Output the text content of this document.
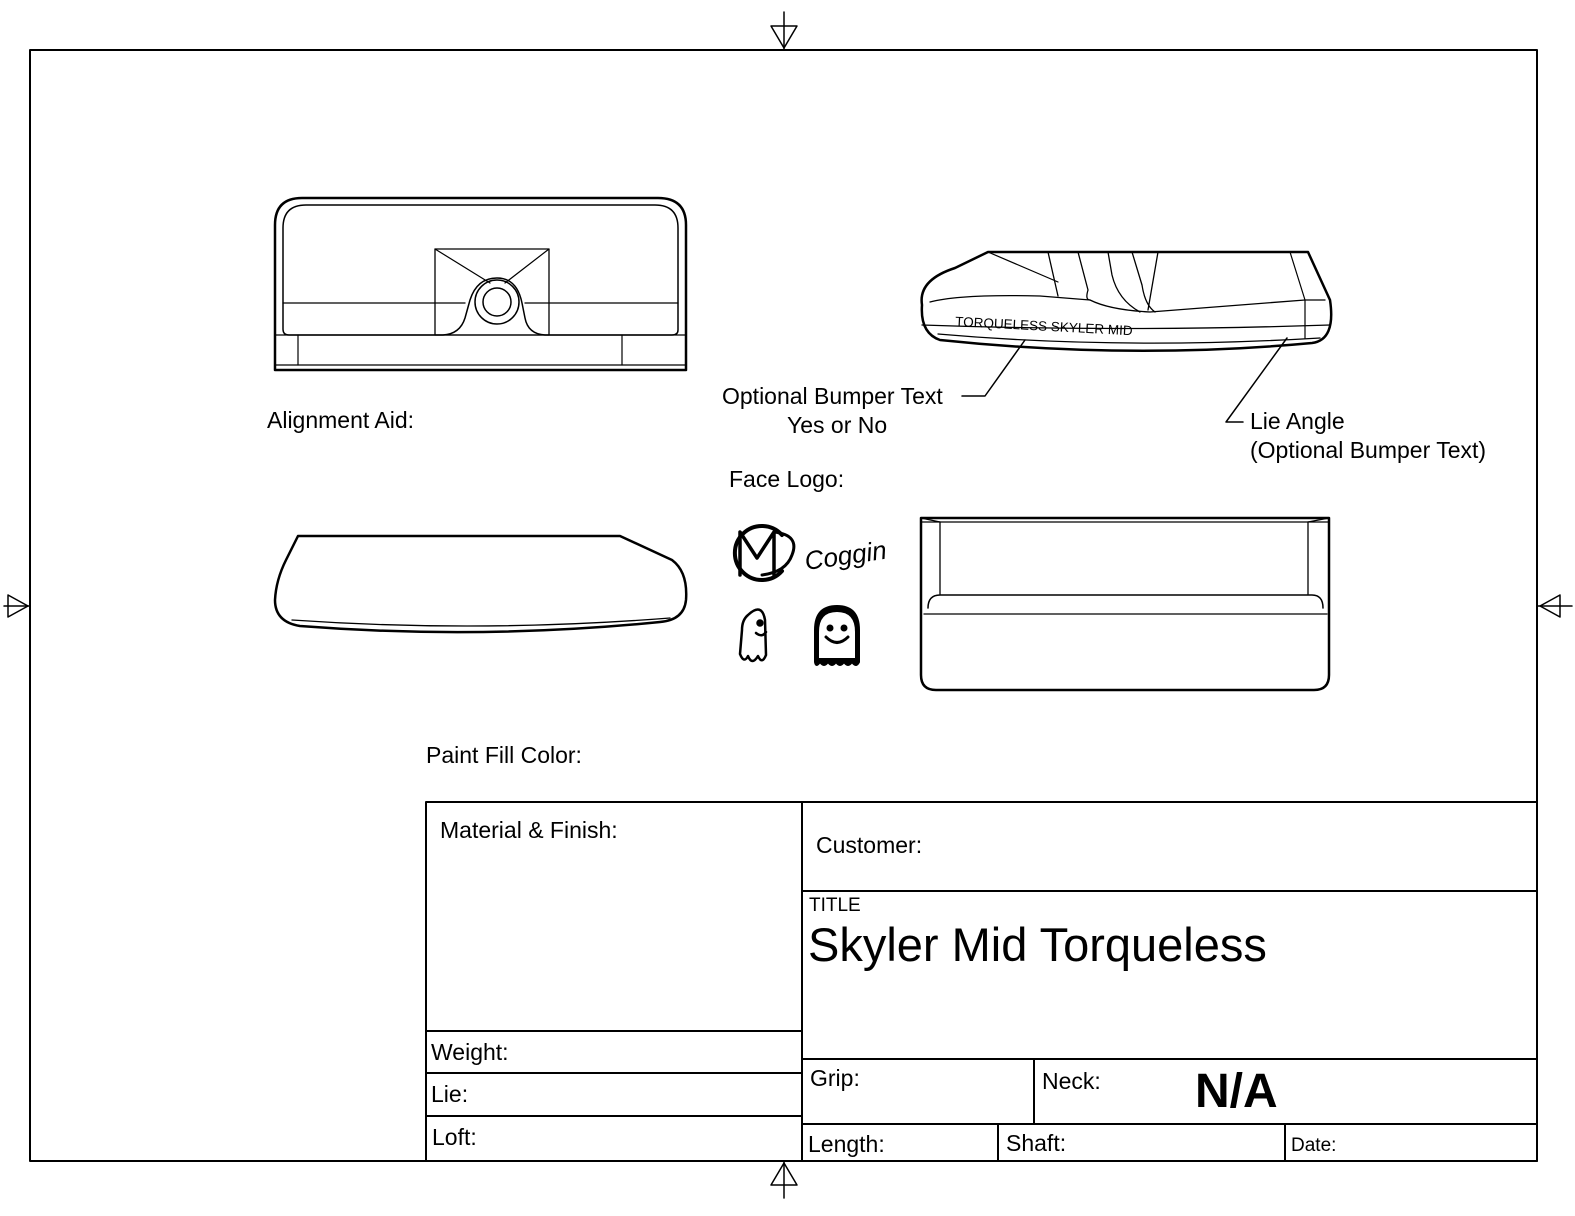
TORQUELESS SKYLER MID
Coggin
Alignment Aid:
Optional Bumper Text
Yes or No	Lie Angle
(Optional Bumper Text)
Face Logo:
Paint Fill Color:
Material & Finish:
Customer:
TITLE
Skyler Mid Torqueless
Weight:
Lie:
Loft:
Grip:	Neck: N/A
Length:	Shaft:	Date:
